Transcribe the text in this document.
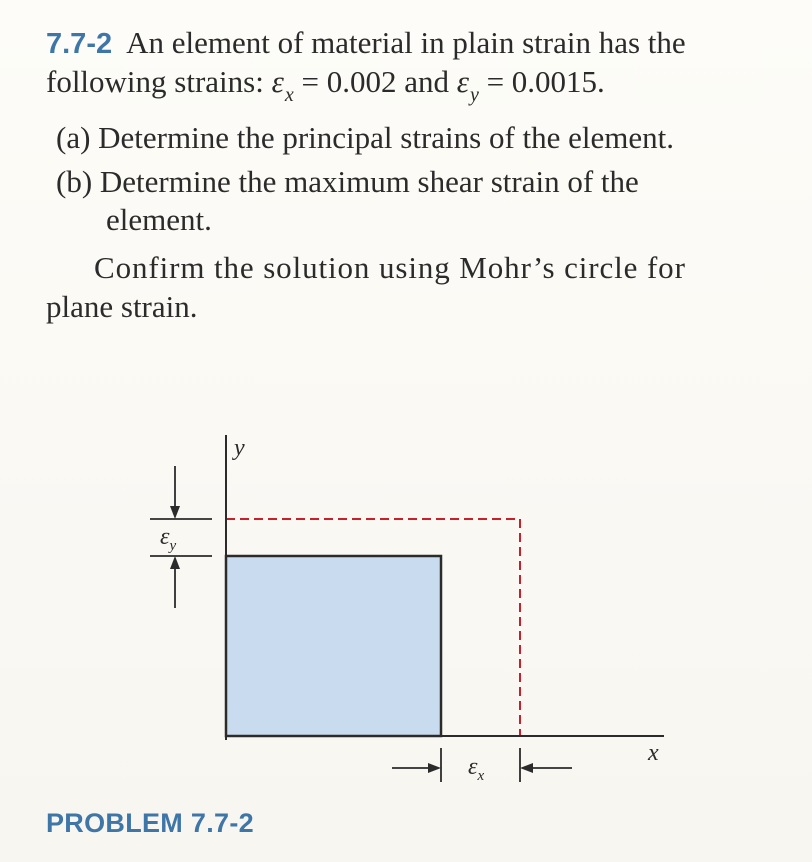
7.7-2 An element of material in plain strain has the
following strains: $\varepsilon_x = 0.002$ and $\varepsilon_y = 0.0015$.
(a) Determine the principal strains of the element.
(b) Determine the maximum shear strain of the
element.
Confirm the solution using Mohr’s circle for
plane strain.
y
x
$\varepsilon_y$
$\varepsilon_x$
PROBLEM 7.7-2
